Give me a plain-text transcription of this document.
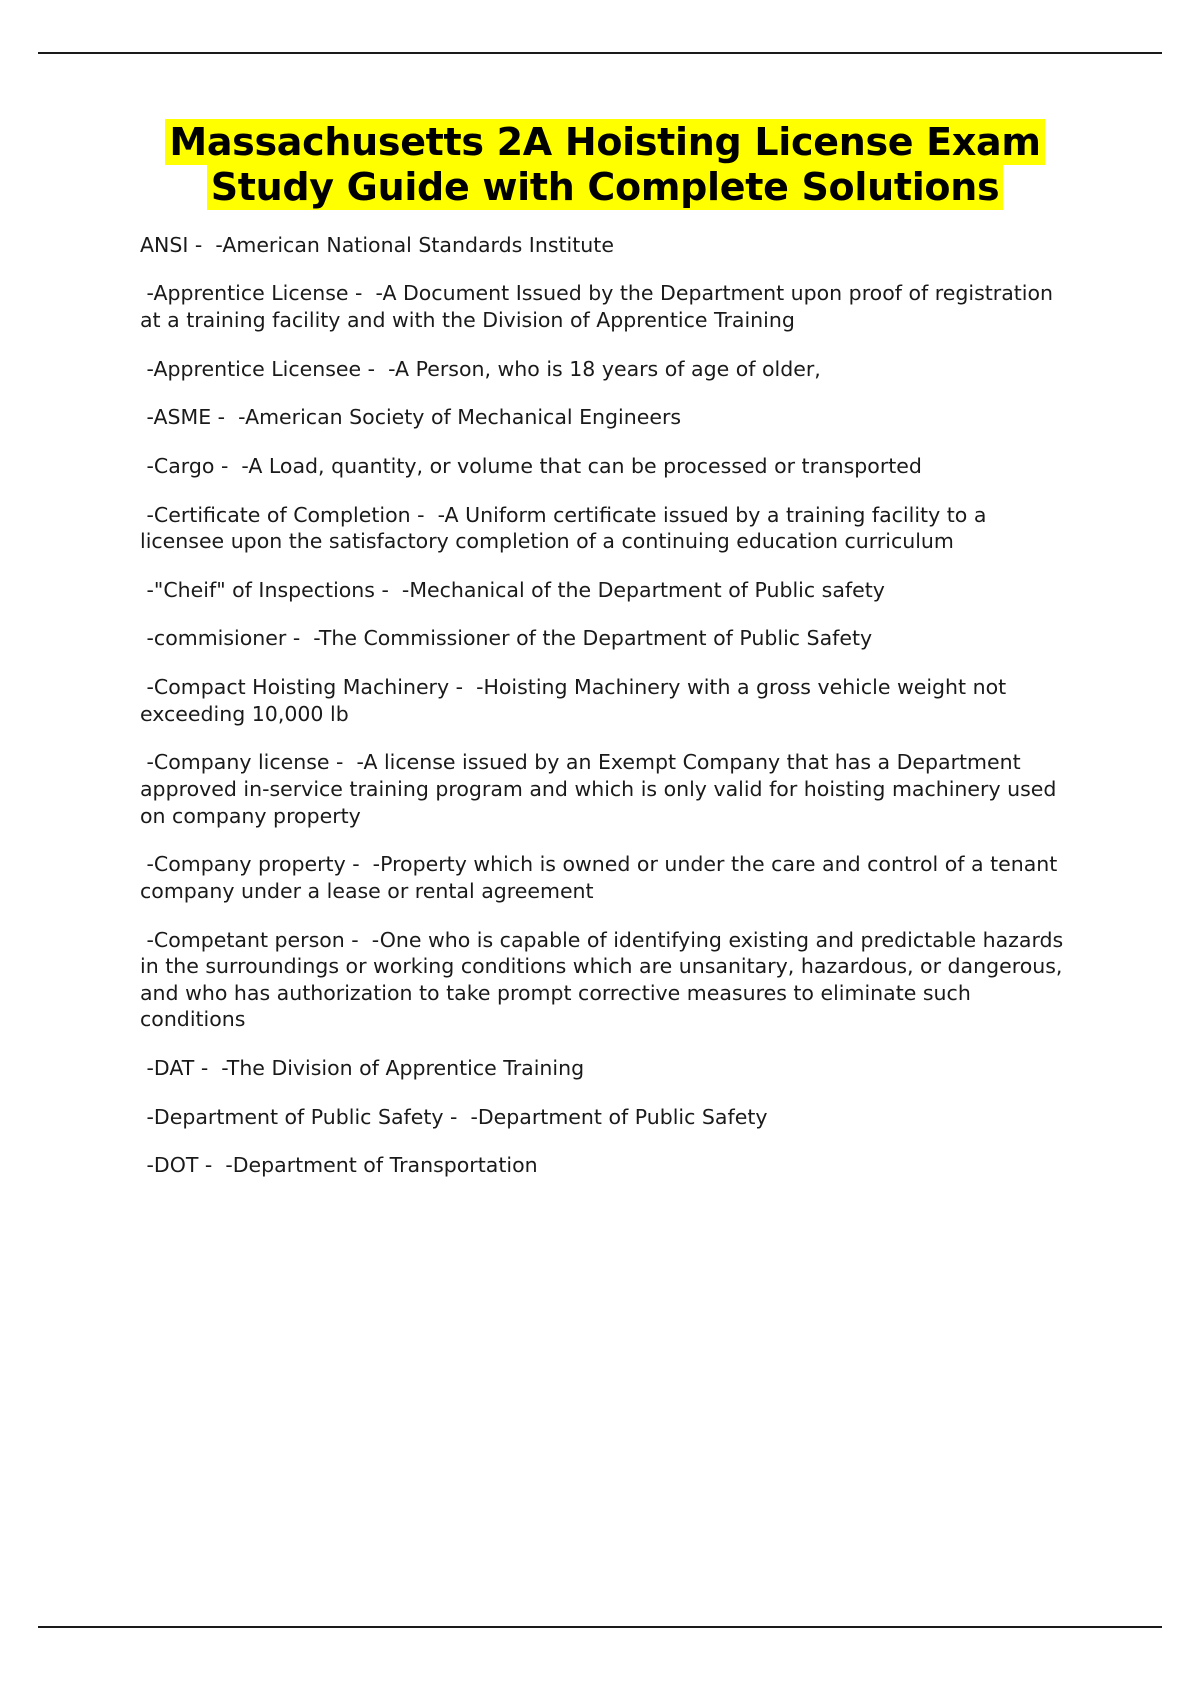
Massachusetts 2A Hoisting License Exam
Study Guide with Complete Solutions
ANSI -  -American National Standards Institute
-Apprentice License -  -A Document Issued by the Department upon proof of registration at a training facility and with the Division of Apprentice Training
-Apprentice Licensee -  -A Person, who is 18 years of age of older,
-ASME -  -American Society of Mechanical Engineers
-Cargo -  -A Load, quantity, or volume that can be processed or transported
-Certificate of Completion -  -A Uniform certificate issued by a training facility to a licensee upon the satisfactory completion of a continuing education curriculum
-"Cheif" of Inspections -  -Mechanical of the Department of Public safety
-commisioner -  -The Commissioner of the Department of Public Safety
-Compact Hoisting Machinery -  -Hoisting Machinery with a gross vehicle weight not exceeding 10,000 lb
-Company license -  -A license issued by an Exempt Company that has a Department approved in-service training program and which is only valid for hoisting machinery used on company property
-Company property -  -Property which is owned or under the care and control of a tenant company under a lease or rental agreement
-Competant person -  -One who is capable of identifying existing and predictable hazards in the surroundings or working conditions which are unsanitary, hazardous, or dangerous, and who has authorization to take prompt corrective measures to eliminate such conditions
-DAT -  -The Division of Apprentice Training
-Department of Public Safety -  -Department of Public Safety
-DOT -  -Department of Transportation
